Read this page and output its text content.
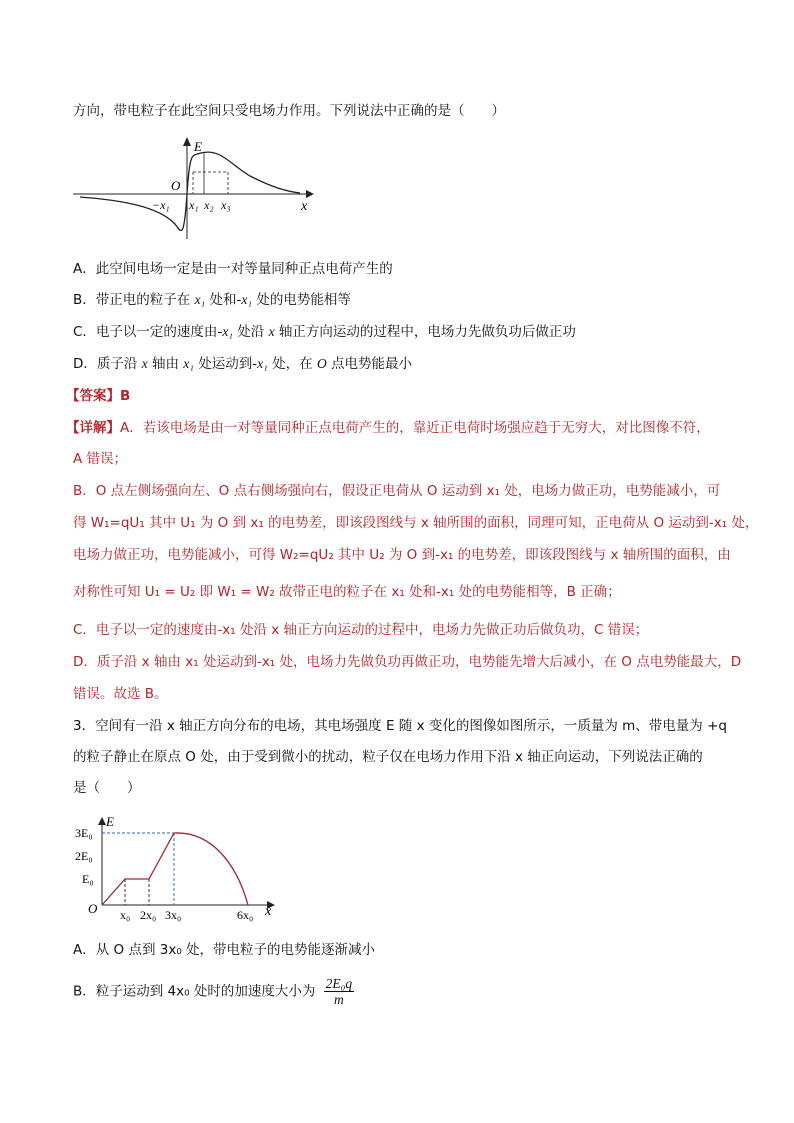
方向，带电粒子在此空间只受电场力作用。下列说法中正确的是（　　）
E
x
O
−x₁ x₁ x₂ x₃
A．此空间电场一定是由一对等量同种正点电荷产生的
B．带正电的粒子在 x₁ 处和-x₁ 处的电势能相等
C．电子以一定的速度由-x₁ 处沿 x 轴正方向运动的过程中，电场力先做负功后做正功
D．质子沿 x 轴由 x₁ 处运动到-x₁ 处，在 O 点电势能最小
【答案】B
【详解】A．若该电场是由一对等量同种正点电荷产生的，靠近正电荷时场强应趋于无穷大，对比图像不符，
A 错误；
B．O 点左侧场强向左、O 点右侧场强向右，假设正电荷从 O 运动到 x₁ 处，电场力做正功，电势能减小，可
得 W₁=qU₁ 其中 U₁ 为 O 到 x₁ 的电势差，即该段图线与 x 轴所围的面积，同理可知，正电荷从 O 运动到-x₁ 处，
电场力做正功，电势能减小，可得 W₂=qU₂ 其中 U₂ 为 O 到-x₁ 的电势差，即该段图线与 x 轴所围的面积，由
对称性可知 U₁ = U₂ 即 W₁ = W₂ 故带正电的粒子在 x₁ 处和-x₁ 处的电势能相等，B 正确；
C．电子以一定的速度由-x₁ 处沿 x 轴正方向运动的过程中，电场力先做正功后做负功，C 错误；
D．质子沿 x 轴由 x₁ 处运动到-x₁ 处，电场力先做负功再做正功，电势能先增大后减小，在 O 点电势能最大，D
错误。故选 B。
3．空间有一沿 x 轴正方向分布的电场，其电场强度 E 随 x 变化的图像如图所示，一质量为 m、带电量为 +q
的粒子静止在原点 O 处，由于受到微小的扰动，粒子仅在电场力作用下沿 x 轴正向运动，下列说法正确的
是（　　）
E
x
O
3E₀
2E₀
E₀
x₀ 2x₀ 3x₀	6x₀
A．从 O 点到 3x₀ 处，带电粒子的电势能逐渐减小
B．粒子运动到 4x₀ 处时的加速度大小为 $\frac{\text{2E₀q}}{m}$
